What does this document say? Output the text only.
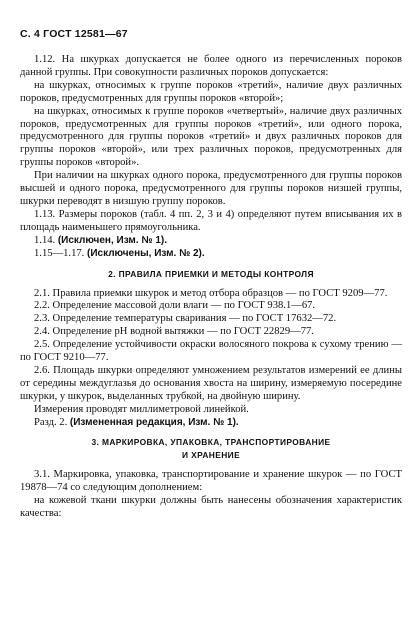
С. 4 ГОСТ 12581—67

1.12. На шкурках допускается не более одного из перечисленных пороков данной группы. При совокупности различных пороков допускается:

на шкурках, относимых к группе пороков «третий», наличие двух различных пороков, предусмотренных для группы пороков «второй»;

на шкурках, относимых к группе пороков «четвертый», наличие двух различных пороков, предусмотренных для группы пороков «третий», или одного порока, предусмотренного для группы пороков «третий» и двух различных пороков для группы пороков «второй», или трех различных пороков, предусмотренных для группы пороков «второй».

При наличии на шкурках одного порока, предусмотренного для группы пороков высшей и одного порока, предусмотренного для группы пороков низшей группы, шкурки переводят в низшую группу пороков.

1.13. Размеры пороков (табл. 4 пп. 2, 3 и 4) определяют путем вписывания их в площадь наименьшего прямоугольника.

1.14. (Исключен, Изм. № 1).

1.15—1.17. (Исключены, Изм. № 2).

2. ПРАВИЛА ПРИЕМКИ И МЕТОДЫ КОНТРОЛЯ

2.1. Правила приемки шкурок и метод отбора образцов — по ГОСТ 9209—77.

2.2. Определение массовой доли влаги — по ГОСТ 938.1—67.

2.3. Определение температуры сваривания — по ГОСТ 17632—72.

2.4. Определение pH водной вытяжки — по ГОСТ 22829—77.

2.5. Определение устойчивости окраски волосяного покрова к сухому трению — по ГОСТ 9210—77.

2.6. Площадь шкурки определяют умножением результатов измерений ее длины от середины междуглазья до основания хвоста на ширину, измеряемую посередине шкурки, у шкурок, выделанных трубкой, на двойную ширину.

Измерения проводят миллиметровой линейкой.

Разд. 2. (Измененная редакция, Изм. № 1).

3. МАРКИРОВКА, УПАКОВКА, ТРАНСПОРТИРОВАНИЕ
И ХРАНЕНИЕ

3.1. Маркировка, упаковка, транспортирование и хранение шкурок — по ГОСТ 19878—74 со следующим дополнением:

на кожевой ткани шкурки должны быть нанесены обозначения характеристик качества:
